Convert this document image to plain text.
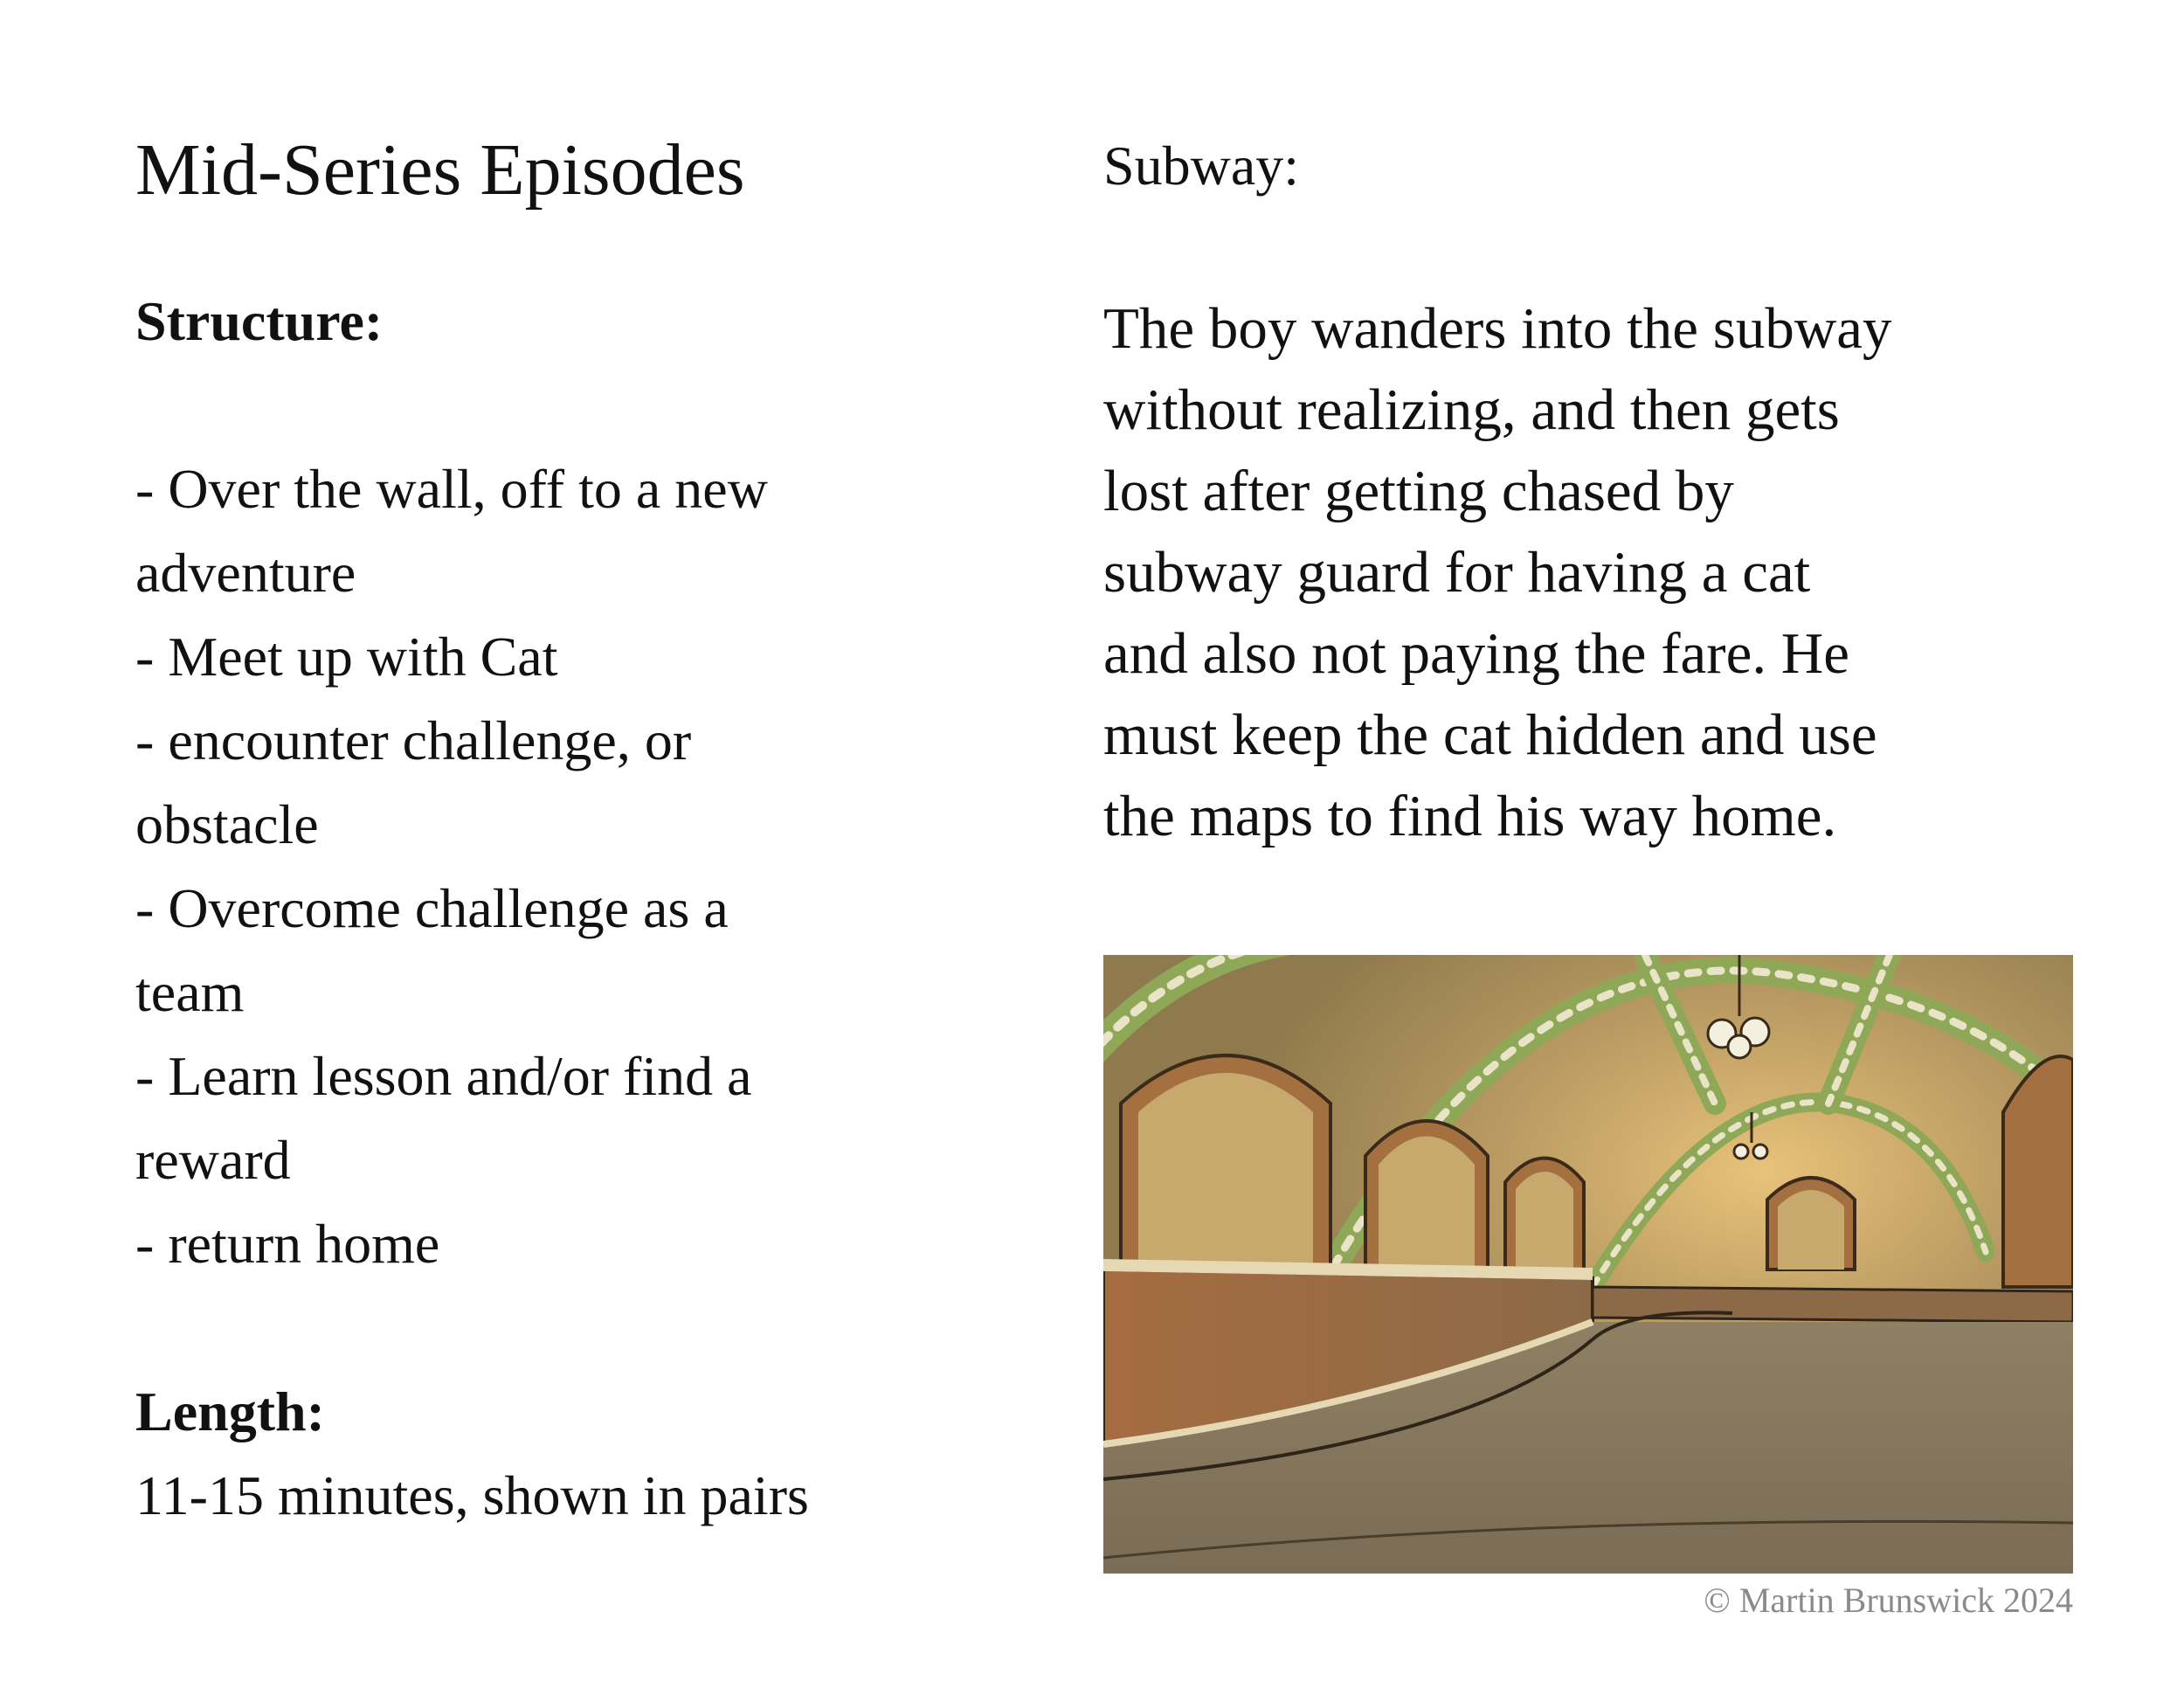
Mid-Series Episodes

Structure:

- Over the wall, off to a new
adventure
- Meet up with Cat
- encounter challenge, or
obstacle
- Overcome challenge as a
team
- Learn lesson and/or find a
reward
- return home

Length:

11-15 minutes, shown in pairs

Subway:

The boy wanders into the subway

without realizing, and then gets

lost after getting chased by

subway guard for having a cat

and also not paying the fare. He

must keep the cat hidden and use

the maps to find his way home.

© Martin Brunswick 2024
